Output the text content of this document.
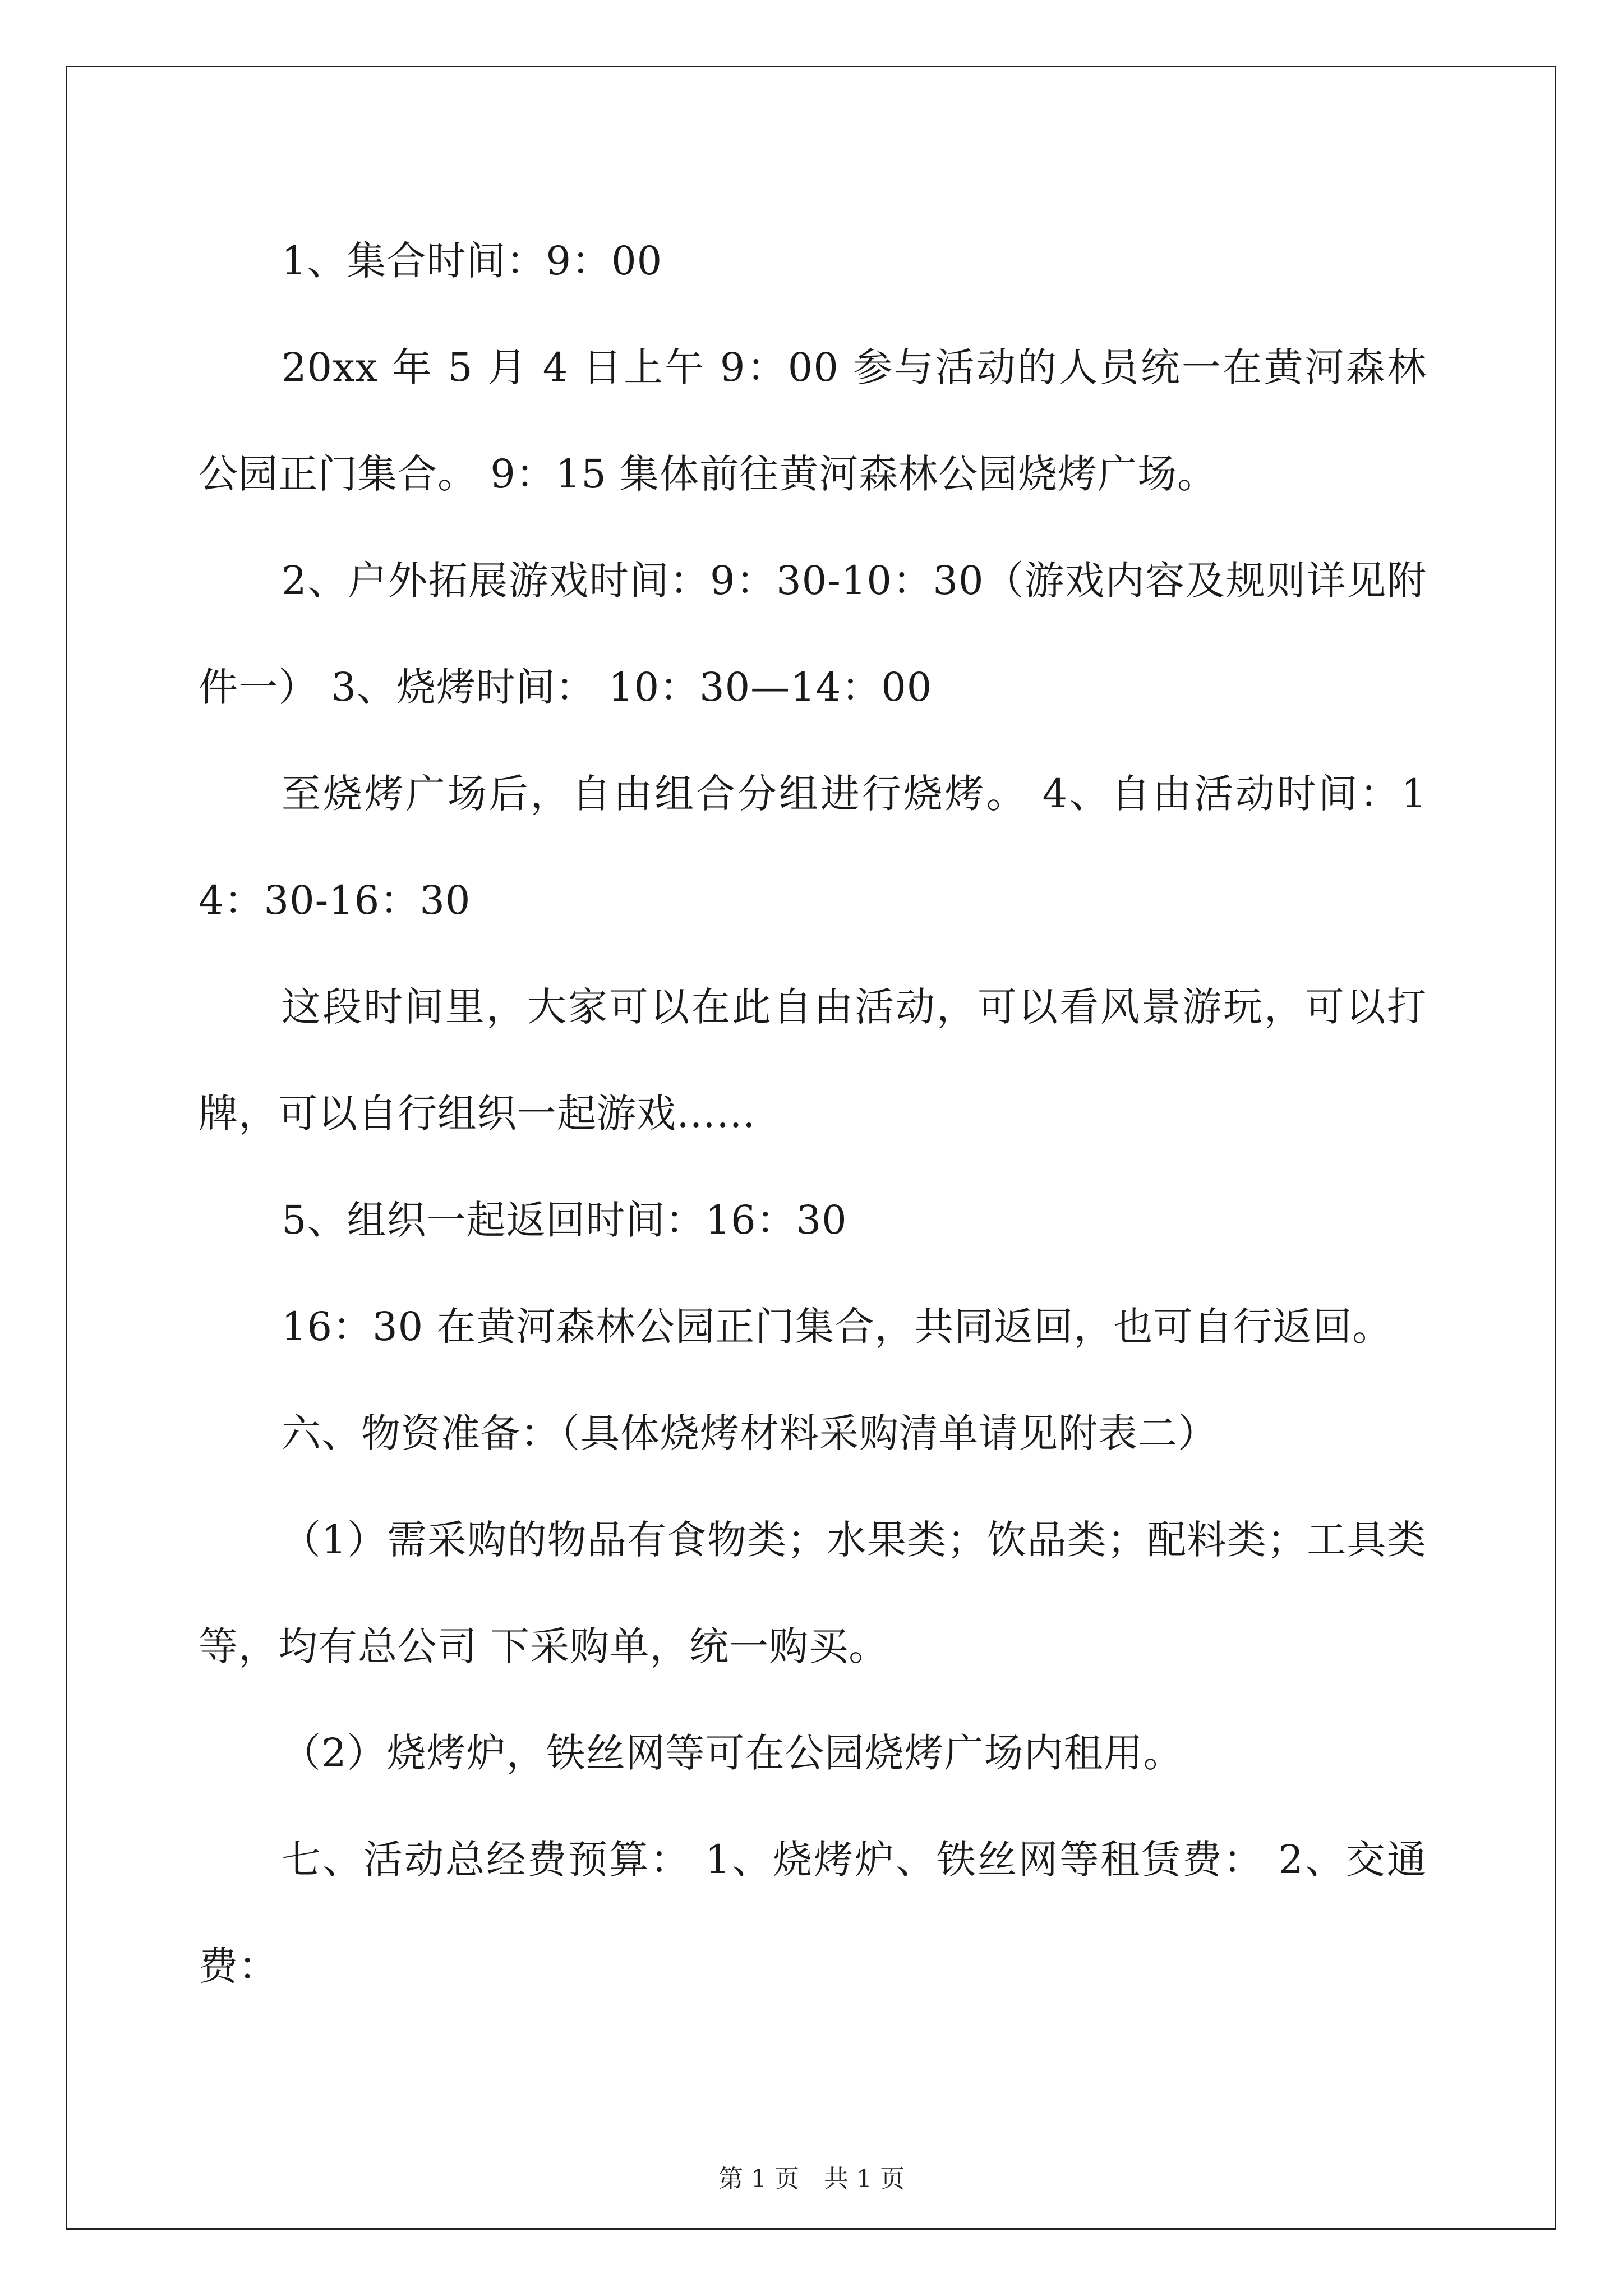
1、集合时间：9：00

20xx 年 5 月 4 日上午 9：00 参与活动的人员统一在黄河森林公园正门集合。 9：15 集体前往黄河森林公园烧烤广场。

2、户外拓展游戏时间：9：30-10：30（游戏内容及规则详见附件一） 3、烧烤时间： 10：30—14：00

至烧烤广场后，自由组合分组进行烧烤。 4、自由活动时间：14：30-16：30

这段时间里，大家可以在此自由活动，可以看风景游玩，可以打牌，可以自行组织一起游戏……

5、组织一起返回时间：16：30

16：30 在黄河森林公园正门集合，共同返回，也可自行返回。

六、物资准备：（具体烧烤材料采购清单请见附表二）

（1）需采购的物品有食物类；水果类；饮品类；配料类；工具类等，均有总公司 下采购单，统一购买。

（2）烧烤炉，铁丝网等可在公园烧烤广场内租用。

七、活动总经费预算： 1、烧烤炉、铁丝网等租赁费： 2、交通费：

第 1 页　共 1 页
